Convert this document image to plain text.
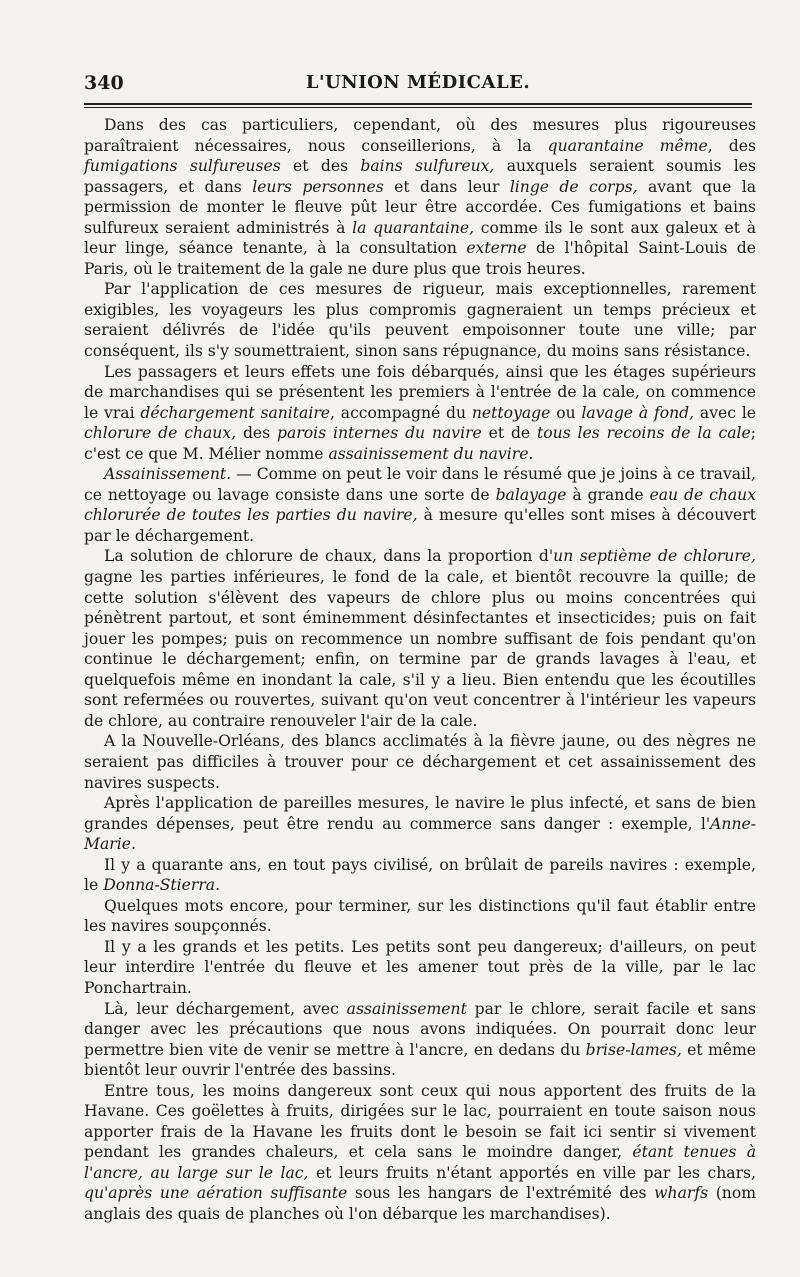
340	L'UNION MÉDICALE.

Dans des cas particuliers, cependant, où des mesures plus rigoureuses paraîtraient nécessaires, nous conseillerions, à la quarantaine même, des fumigations sulfureuses et des bains sulfureux, auxquels seraient soumis les passagers, et dans leurs personnes et dans leur linge de corps, avant que la permission de monter le fleuve pût leur être accordée. Ces fumigations et bains sulfureux seraient administrés à la quarantaine, comme ils le sont aux galeux et à leur linge, séance tenante, à la consultation externe de l'hôpital Saint-Louis de Paris, où le traitement de la gale ne dure plus que trois heures.

Par l'application de ces mesures de rigueur, mais exceptionnelles, rarement exigibles, les voyageurs les plus compromis gagneraient un temps précieux et seraient délivrés de l'idée qu'ils peuvent empoisonner toute une ville; par conséquent, ils s'y soumettraient, sinon sans répugnance, du moins sans résistance.

Les passagers et leurs effets une fois débarqués, ainsi que les étages supérieurs de marchandises qui se présentent les premiers à l'entrée de la cale, on commence le vrai déchargement sanitaire, accompagné du nettoyage ou lavage à fond, avec le chlorure de chaux, des parois internes du navire et de tous les recoins de la cale; c'est ce que M. Mélier nomme assainissement du navire.

Assainissement. — Comme on peut le voir dans le résumé que je joins à ce travail, ce nettoyage ou lavage consiste dans une sorte de balayage à grande eau de chaux chlorurée de toutes les parties du navire, à mesure qu'elles sont mises à découvert par le déchargement.

La solution de chlorure de chaux, dans la proportion d'un septième de chlorure, gagne les parties inférieures, le fond de la cale, et bientôt recouvre la quille; de cette solution s'élèvent des vapeurs de chlore plus ou moins concentrées qui pénètrent partout, et sont éminemment désinfectantes et insecticides; puis on fait jouer les pompes; puis on recommence un nombre suffisant de fois pendant qu'on continue le déchargement; enfin, on termine par de grands lavages à l'eau, et quelquefois même en inondant la cale, s'il y a lieu. Bien entendu que les écoutilles sont refermées ou rouvertes, suivant qu'on veut concentrer à l'intérieur les vapeurs de chlore, au contraire renouveler l'air de la cale.

A la Nouvelle-Orléans, des blancs acclimatés à la fièvre jaune, ou des nègres ne seraient pas difficiles à trouver pour ce déchargement et cet assainissement des navires suspects.

Après l'application de pareilles mesures, le navire le plus infecté, et sans de bien grandes dépenses, peut être rendu au commerce sans danger : exemple, l'Anne-Marie.

Il y a quarante ans, en tout pays civilisé, on brûlait de pareils navires : exemple, le Donna-Stierra.

Quelques mots encore, pour terminer, sur les distinctions qu'il faut établir entre les navires soupçonnés.

Il y a les grands et les petits. Les petits sont peu dangereux; d'ailleurs, on peut leur interdire l'entrée du fleuve et les amener tout près de la ville, par le lac Ponchartrain.

Là, leur déchargement, avec assainissement par le chlore, serait facile et sans danger avec les précautions que nous avons indiquées. On pourrait donc leur permettre bien vite de venir se mettre à l'ancre, en dedans du brise-lames, et même bientôt leur ouvrir l'entrée des bassins.

Entre tous, les moins dangereux sont ceux qui nous apportent des fruits de la Havane. Ces goëlettes à fruits, dirigées sur le lac, pourraient en toute saison nous apporter frais de la Havane les fruits dont le besoin se fait ici sentir si vivement pendant les grandes chaleurs, et cela sans le moindre danger, étant tenues à l'ancre, au large sur le lac, et leurs fruits n'étant apportés en ville par les chars, qu'après une aération suffisante sous les hangars de l'extrémité des wharfs (nom anglais des quais de planches où l'on débarque les marchandises).
